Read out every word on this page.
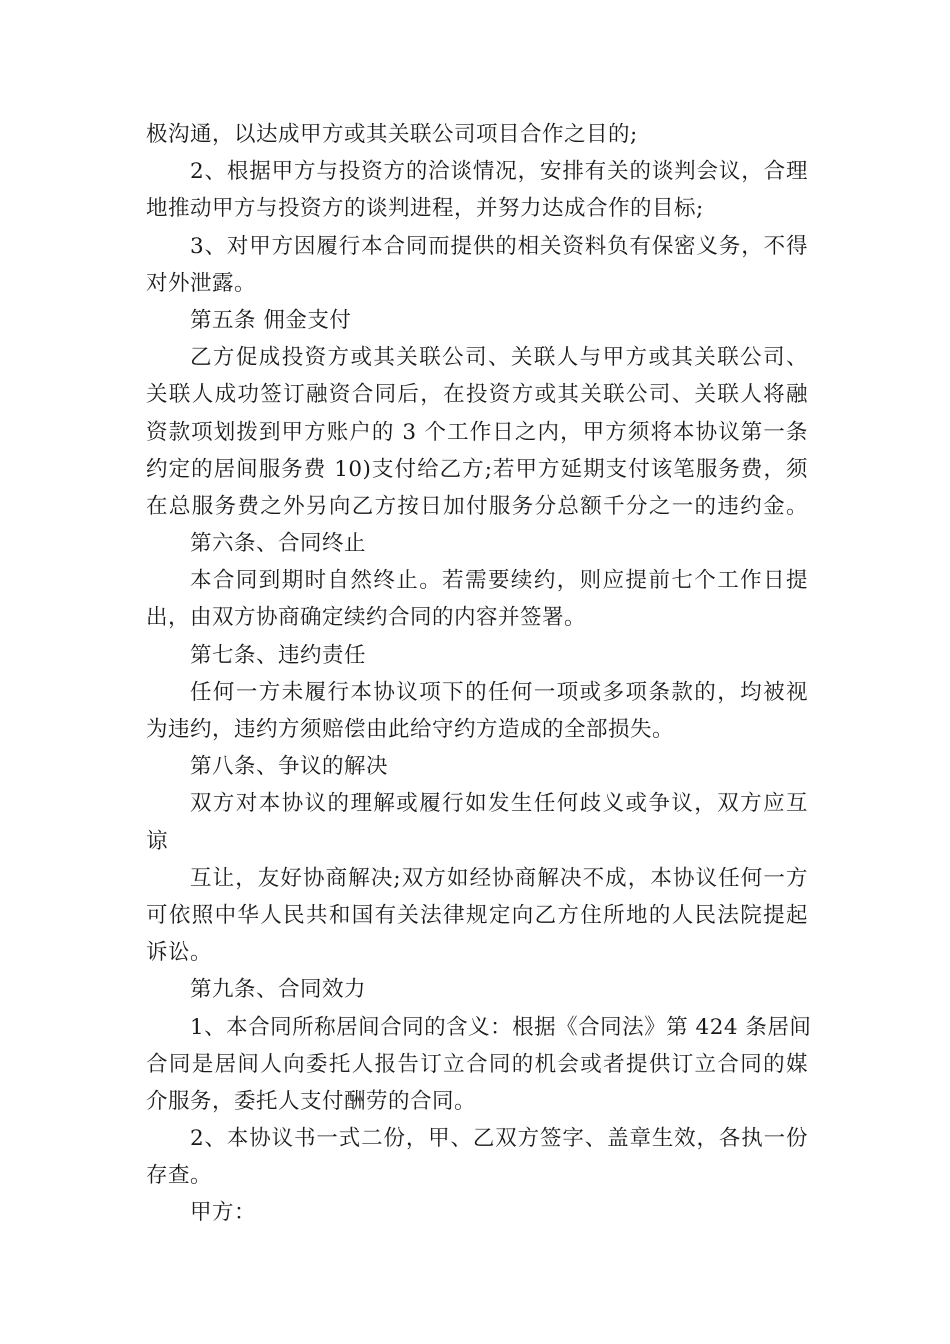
极沟通，以达成甲方或其关联公司项目合作之目的;
2、根据甲方与投资方的洽谈情况，安排有关的谈判会议，合理
地推动甲方与投资方的谈判进程，并努力达成合作的目标;
3、对甲方因履行本合同而提供的相关资料负有保密义务，不得
对外泄露。
第五条 佣金支付
乙方促成投资方或其关联公司、关联人与甲方或其关联公司、
关联人成功签订融资合同后，在投资方或其关联公司、关联人将融
资款项划拨到甲方账户的 3 个工作日之内，甲方须将本协议第一条
约定的居间服务费 10)支付给乙方;若甲方延期支付该笔服务费，须
在总服务费之外另向乙方按日加付服务分总额千分之一的违约金。
第六条、合同终止
本合同到期时自然终止。若需要续约，则应提前七个工作日提
出，由双方协商确定续约合同的内容并签署。
第七条、违约责任
任何一方未履行本协议项下的任何一项或多项条款的，均被视
为违约，违约方须赔偿由此给守约方造成的全部损失。
第八条、争议的解决
双方对本协议的理解或履行如发生任何歧义或争议，双方应互
谅
互让，友好协商解决;双方如经协商解决不成，本协议任何一方
可依照中华人民共和国有关法律规定向乙方住所地的人民法院提起
诉讼。
第九条、合同效力
1、本合同所称居间合同的含义：根据《合同法》第 424 条居间
合同是居间人向委托人报告订立合同的机会或者提供订立合同的媒
介服务，委托人支付酬劳的合同。
2、本协议书一式二份，甲、乙双方签字、盖章生效，各执一份
存查。
甲方：
